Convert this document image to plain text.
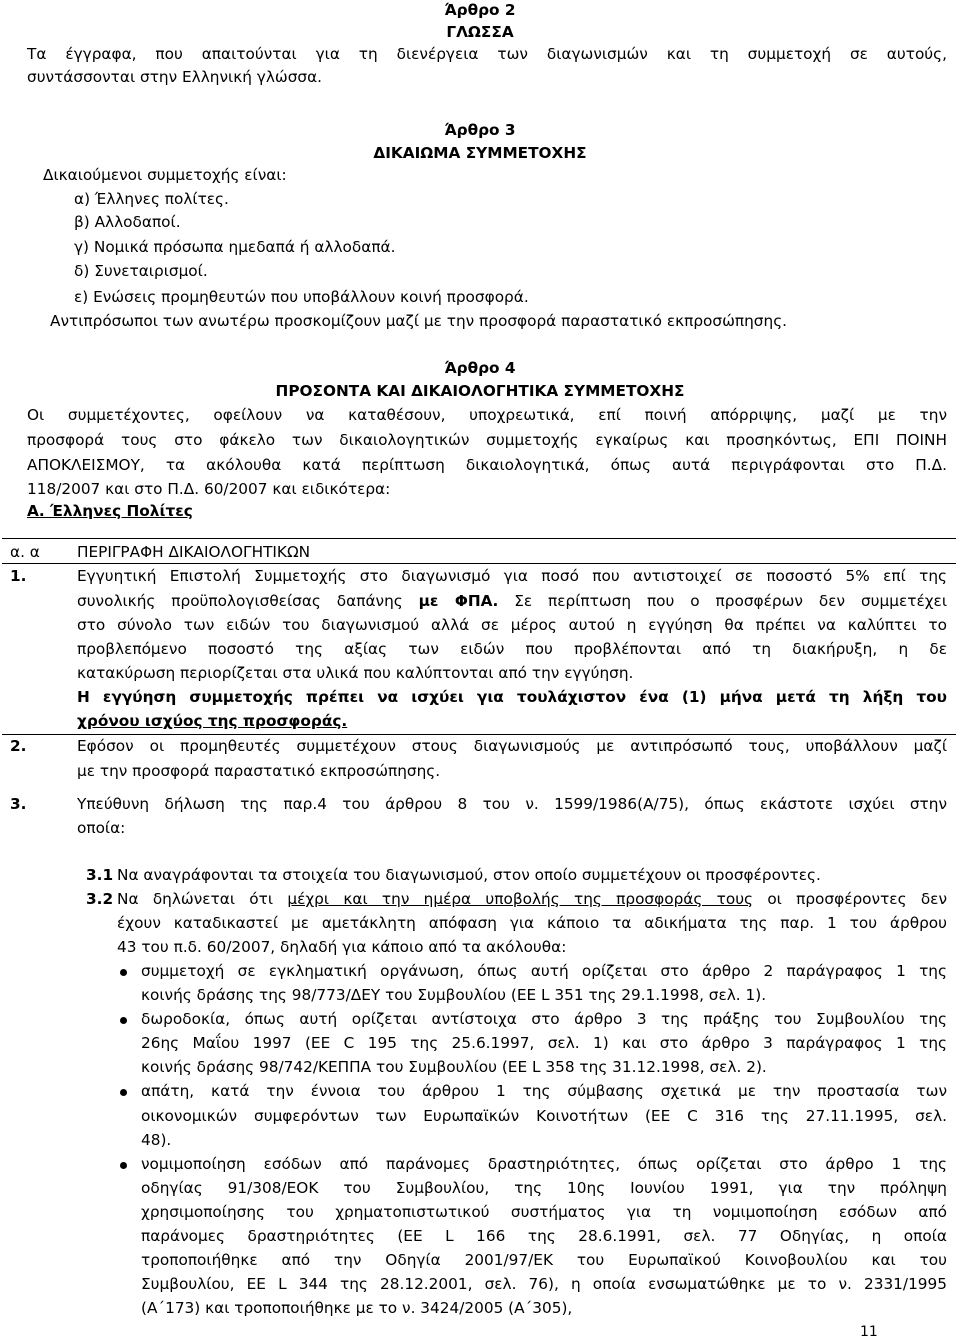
Άρθρο 2
ΓΛΩΣΣΑ
Τα έγγραφα, που απαιτούνται για τη διενέργεια των διαγωνισμών και τη συμμετοχή σε αυτούς,
συντάσσονται στην Ελληνική γλώσσα.
Άρθρο 3
ΔΙΚΑΙΩΜΑ ΣΥΜΜΕΤΟΧΗΣ
Δικαιούμενοι συμμετοχής είναι:
α) Έλληνες πολίτες.
β) Αλλοδαποί.
γ) Νομικά πρόσωπα ημεδαπά ή αλλοδαπά.
δ) Συνεταιρισμοί.
ε) Ενώσεις προμηθευτών που υποβάλλουν κοινή προσφορά.
Αντιπρόσωποι των ανωτέρω προσκομίζουν μαζί με την προσφορά παραστατικό εκπροσώπησης.
Άρθρο 4
ΠΡΟΣΟΝΤΑ ΚΑΙ ΔΙΚΑΙΟΛΟΓΗΤΙΚΑ ΣΥΜΜΕΤΟΧΗΣ
Οι συμμετέχοντες, οφείλουν να καταθέσουν, υποχρεωτικά, επί ποινή απόρριψης, μαζί με την
προσφορά τους στο φάκελο των δικαιολογητικών συμμετοχής εγκαίρως και προσηκόντως, ΕΠΙ ΠΟΙΝΗ
ΑΠΟΚΛΕΙΣΜΟΥ, τα ακόλουθα κατά περίπτωση δικαιολογητικά, όπως αυτά περιγράφονται στο Π.Δ.
118/2007 και στο Π.Δ. 60/2007 και ειδικότερα:
Α. Έλληνες Πολίτες
α. α ΠΕΡΙΓΡΑΦΗ ΔΙΚΑΙΟΛΟΓΗΤΙΚΩΝ
1.	Εγγυητική Επιστολή Συμμετοχής στο διαγωνισμό για ποσό που αντιστοιχεί σε ποσοστό 5% επί της
συνολικής προϋπολογισθείσας δαπάνης με ΦΠΑ. Σε περίπτωση που ο προσφέρων δεν συμμετέχει
στο σύνολο των ειδών του διαγωνισμού αλλά σε μέρος αυτού η εγγύηση θα πρέπει να καλύπτει το
προβλεπόμενο ποσοστό της αξίας των ειδών που προβλέπονται από τη διακήρυξη, η δε
κατακύρωση περιορίζεται στα υλικά που καλύπτονται από την εγγύηση.
Η εγγύηση συμμετοχής πρέπει να ισχύει για τουλάχιστον ένα (1) μήνα μετά τη λήξη του
χρόνου ισχύος της προσφοράς.
2.	Εφόσον οι προμηθευτές συμμετέχουν στους διαγωνισμούς με αντιπρόσωπό τους, υποβάλλουν μαζί
με την προσφορά παραστατικό εκπροσώπησης.
3.	Υπεύθυνη δήλωση της παρ.4 του άρθρου 8 του ν. 1599/1986(Α/75), όπως εκάστοτε ισχύει στην
οποία:
3.1 Να αναγράφονται τα στοιχεία του διαγωνισμού, στον οποίο συμμετέχουν οι προσφέροντες.
3.2 Να δηλώνεται ότι μέχρι και την ημέρα υποβολής της προσφοράς τους οι προσφέροντες δεν
έχουν καταδικαστεί με αμετάκλητη απόφαση για κάποιο τα αδικήματα της παρ. 1 του άρθρου
43 του π.δ. 60/2007, δηλαδή για κάποιο από τα ακόλουθα:
συμμετοχή σε εγκληματική οργάνωση, όπως αυτή ορίζεται στο άρθρο 2 παράγραφος 1 της
κοινής δράσης της 98/773/ΔΕΥ του Συμβουλίου (ΕΕ L 351 της 29.1.1998, σελ. 1).
δωροδοκία, όπως αυτή ορίζεται αντίστοιχα στο άρθρο 3 της πράξης του Συμβουλίου της
26ης Μαΐου 1997 (ΕΕ C 195 της 25.6.1997, σελ. 1) και στο άρθρο 3 παράγραφος 1 της
κοινής δράσης 98/742/ΚΕΠΠΑ του Συμβουλίου (ΕΕ L 358 της 31.12.1998, σελ. 2).
απάτη, κατά την έννοια του άρθρου 1 της σύμβασης σχετικά με την προστασία των
οικονομικών συμφερόντων των Ευρωπαϊκών Κοινοτήτων (ΕΕ C 316 της 27.11.1995, σελ.
48).
νομιμοποίηση εσόδων από παράνομες δραστηριότητες, όπως ορίζεται στο άρθρο 1 της
οδηγίας 91/308/ΕΟΚ του Συμβουλίου, της 10ης Ιουνίου 1991, για την πρόληψη
χρησιμοποίησης του χρηματοπιστωτικού συστήματος για τη νομιμοποίηση εσόδων από
παράνομες δραστηριότητες (ΕΕ L 166 της 28.6.1991, σελ. 77 Οδηγίας, η οποία
τροποποιήθηκε από την Οδηγία 2001/97/ΕΚ του Ευρωπαϊκού Κοινοβουλίου και του
Συμβουλίου, ΕΕ L 344 της 28.12.2001, σελ. 76), η οποία ενσωματώθηκε με το ν. 2331/1995
(Α΄173) και τροποποιήθηκε με το ν. 3424/2005 (Α΄305),
11
